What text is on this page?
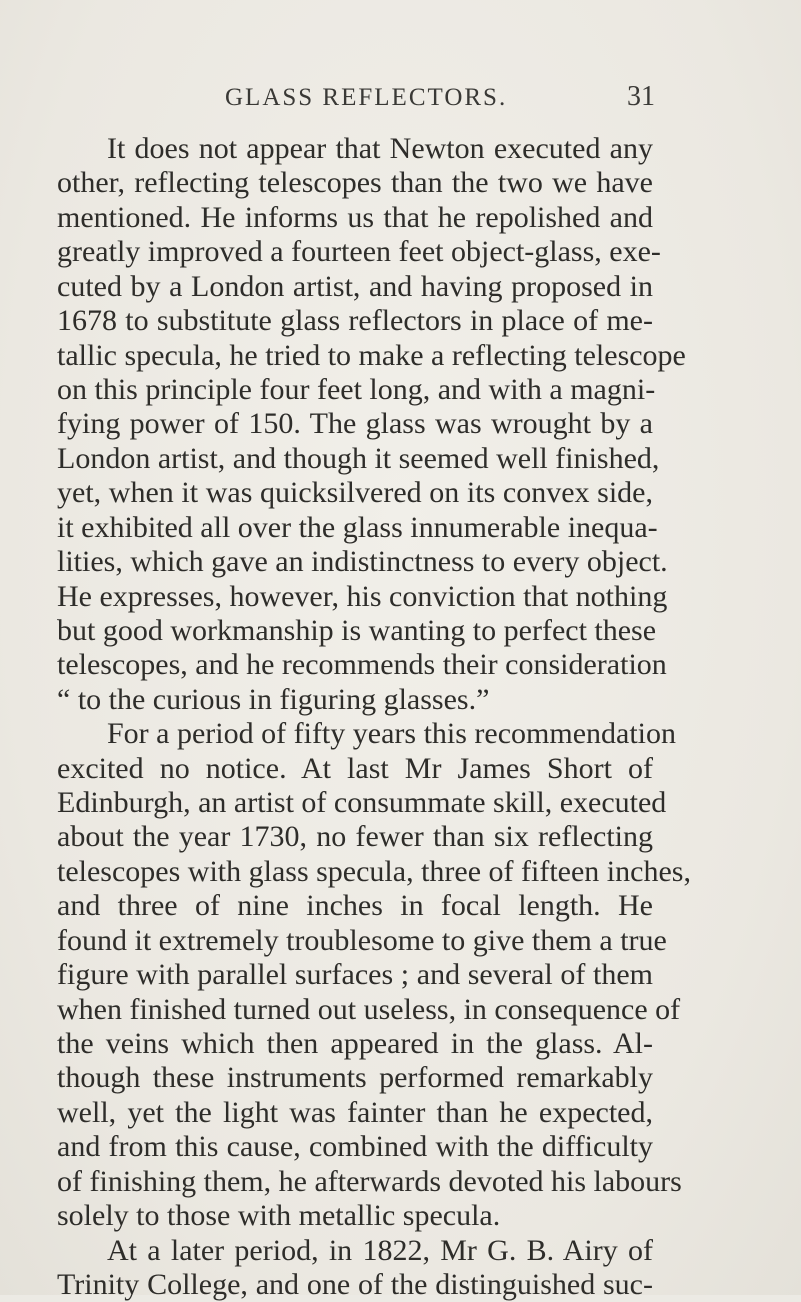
GLASS REFLECTORS.	31
It does not appear that Newton executed any
other, reflecting telescopes than the two we have
mentioned. He informs us that he repolished and
greatly improved a fourteen feet object-glass, exe-
cuted by a London artist, and having proposed in
1678 to substitute glass reflectors in place of me-
tallic specula, he tried to make a reflecting telescope
on this principle four feet long, and with a magni-
fying power of 150. The glass was wrought by a
London artist, and though it seemed well finished,
yet, when it was quicksilvered on its convex side,
it exhibited all over the glass innumerable inequa-
lities, which gave an indistinctness to every object.
He expresses, however, his conviction that nothing
but good workmanship is wanting to perfect these
telescopes, and he recommends their consideration
“ to the curious in figuring glasses.”
For a period of fifty years this recommendation
excited no notice. At last Mr James Short of
Edinburgh, an artist of consummate skill, executed
about the year 1730, no fewer than six reflecting
telescopes with glass specula, three of fifteen inches,
and three of nine inches in focal length. He
found it extremely troublesome to give them a true
figure with parallel surfaces ; and several of them
when finished turned out useless, in consequence of
the veins which then appeared in the glass. Al-
though these instruments performed remarkably
well, yet the light was fainter than he expected,
and from this cause, combined with the difficulty
of finishing them, he afterwards devoted his labours
solely to those with metallic specula.
At a later period, in 1822, Mr G. B. Airy of
Trinity College, and one of the distinguished suc-
